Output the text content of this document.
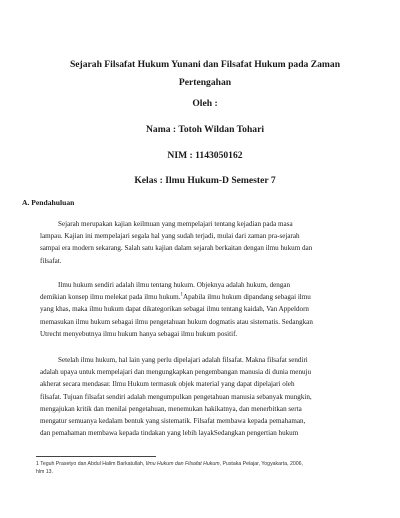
Sejarah Filsafat Hukum Yunani dan Filsafat Hukum pada Zaman
Pertengahan
Oleh :
Nama : Totoh Wildan Tohari
NIM : 1143050162
Kelas : Ilmu Hukum-D Semester 7
A. Pendahuluan
Sejarah merupakan kajian keilmuan yang mempelajari tentang kejadian pada masa
lampau. Kajian ini mempelajari segala hal yang sudah terjadi, mulai dari zaman pra-sejarah
sampai era modern sekarang. Salah satu kajian dalam sejarah berkaitan dengan ilmu hukum dan
filsafat.
Ilmu hukum sendiri adalah ilmu tentang hukum. Objeknya adalah hukum, dengan
demikian konsep ilmu melekat pada ilmu hukum.$^1$Apabila ilmu hukum dipandang sebagai ilmu
yang khas, maka ilmu hukum dapat dikategorikan sebagai ilmu tentang kaidah, Van Appeldorn
memasukan ilmu hukum sebagai ilmu pengetahuan hukum dogmatis atau sistematis. Sedangkan
Utrecht menyebutnya ilmu hukum hanya sebagai ilmu hukum positif.
Setelah ilmu hukum, hal lain yang perlu dipelajari adalah filsafat. Makna filsafat sendiri
adalah upaya untuk mempelajari dan mengungkapkan pengembangan manusia di dunia menuju
akherat secara mendasar. Ilmu Hukum termasuk objek material yang dapat dipelajari oleh
filsafat. Tujuan filsafat sendiri adalah mengumpulkan pengetahuan manusia sebanyak mungkin,
mengajukan kritik dan menilai pengetahuan, menemukan hakikatnya, dan menerbitkan serta
mengatur semuanya kedalam bentuk yang sistematik. Filsafat membawa kepada pemahaman,
dan pemahaman membawa kepada tindakan yang lebih layakSedangkan pengertian hukum
1 Teguh Prasetyo dan Abdul Halim Barkatullah, Ilmu Hukum dan Filsafat Hukum, Pustaka Pelajar, Yogyakarta, 2006,
hlm 13.
